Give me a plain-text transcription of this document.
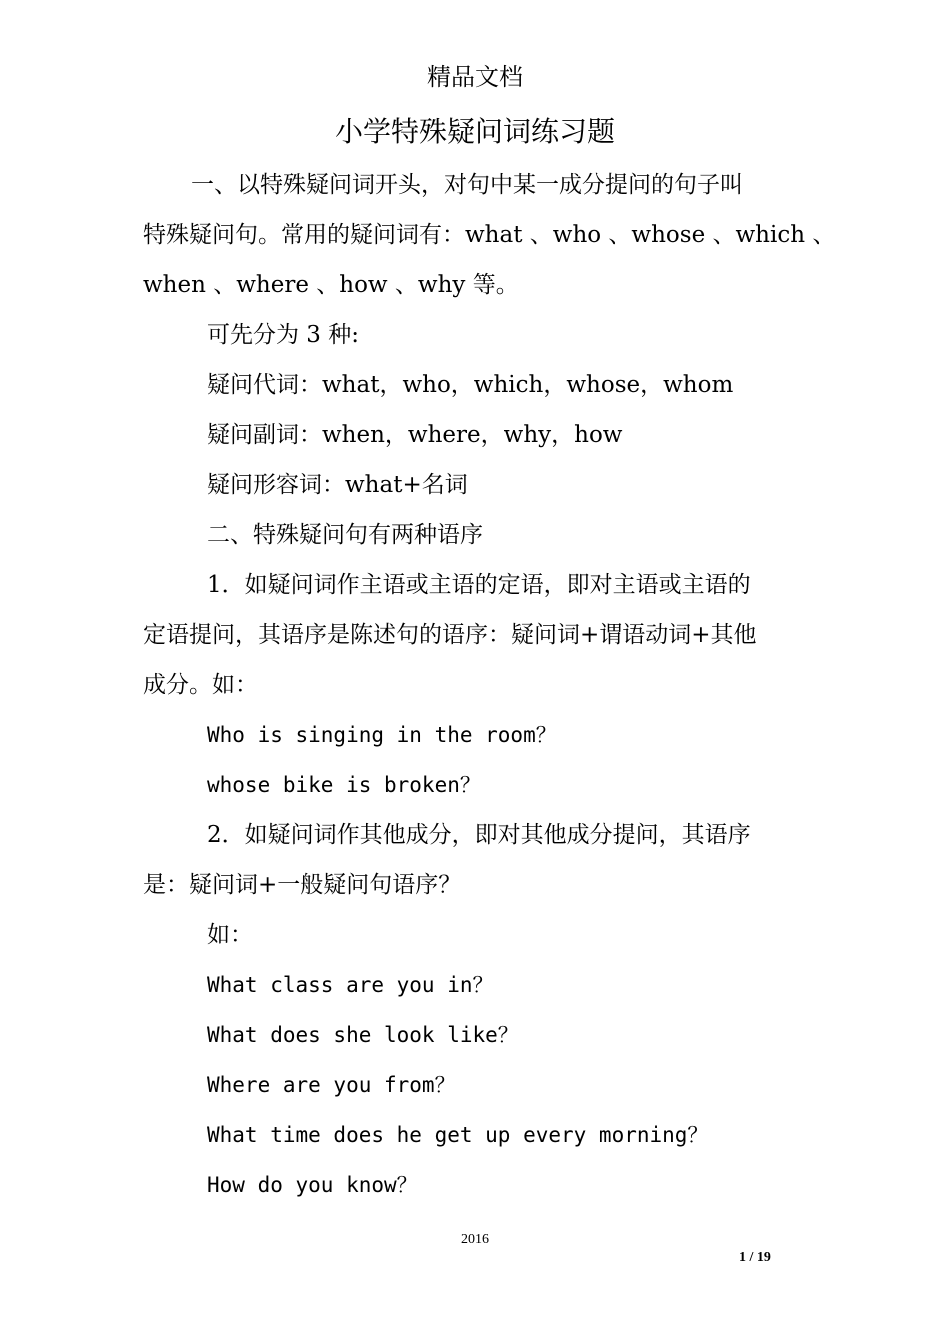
精品文档
小学特殊疑问词练习题
一、以特殊疑问词开头，对句中某一成分提问的句子叫
特殊疑问句。常用的疑问词有：what 、who 、whose 、which 、
when 、where 、how 、why 等。
可先分为 3 种:
疑问代词：what，who，which，whose，whom
疑问副词：when，where，why，how
疑问形容词：what+名词
二、特殊疑问句有两种语序
1．如疑问词作主语或主语的定语，即对主语或主语的
定语提问，其语序是陈述句的语序：疑问词+谓语动词+其他
成分。如：
Who is singing in the room？
whose bike is broken？
2．如疑问词作其他成分，即对其他成分提问，其语序
是：疑问词+一般疑问句语序？
如：
What class are you in？
What does she look like？
Where are you from？
What time does he get up every morning？
How do you know？
2016
1 / 19
